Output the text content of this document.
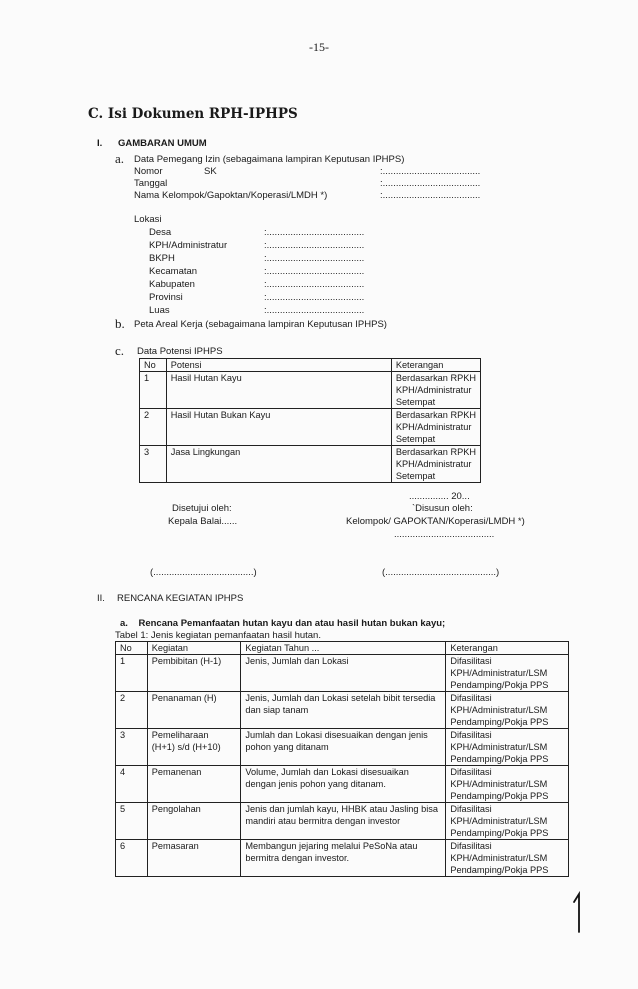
-15-
C. Isi Dokumen RPH-IPHPS
I. GAMBARAN UMUM
a. Data Pemegang Izin (sebagaimana lampiran Keputusan IPHPS)
Nomor	SK	:.....................................
Tanggal	:.....................................
Nama Kelompok/Gapoktan/Koperasi/LMDH *)	:.....................................
Lokasi
Desa	:.....................................
KPH/Administratur	:.....................................
BKPH	:.....................................
Kecamatan	:.....................................
Kabupaten	:.....................................
Provinsi	:.....................................
Luas	:.....................................
b. Peta Areal Kerja (sebagaimana lampiran Keputusan IPHPS)
c. Data Potensi IPHPS
No	Potensi	Keterangan
1	Hasil Hutan Kayu	Berdasarkan RPKH
KPH/Administratur
Setempat

2	Hasil Hutan Bukan Kayu	Berdasarkan RPKH
KPH/Administratur
Setempat

3	Jasa Lingkungan	Berdasarkan RPKH
KPH/Administratur
Setempat
............... 20...
Disetujui oleh:
Kepala Balai......
`Disusun oleh:
Kelompok/ GAPOKTAN/Koperasi/LMDH *)
......................................
(......................................)	(..........................................)
II. RENCANA KEGIATAN IPHPS
a.    Rencana Pemanfaatan hutan kayu dan atau hasil hutan bukan kayu;
Tabel 1: Jenis kegiatan pemanfaatan hasil hutan.
No	Kegiatan	Kegiatan Tahun ...	Keterangan
1	Pembibitan (H-1)	Jenis, Jumlah dan Lokasi	Difasilitasi
KPH/Administratur/LSM
Pendamping/Pokja PPS

2	Penanaman (H)	Jenis, Jumlah dan Lokasi setelah bibit tersedia
dan siap tanam	Difasilitasi
KPH/Administratur/LSM
Pendamping/Pokja PPS

3	Pemeliharaan
(H+1) s/d (H+10)	Jumlah dan Lokasi disesuaikan dengan jenis
pohon yang ditanam	Difasilitasi
KPH/Administratur/LSM
Pendamping/Pokja PPS

4	Pemanenan	Volume, Jumlah dan Lokasi disesuaikan
dengan jenis pohon yang ditanam.	Difasilitasi
KPH/Administratur/LSM
Pendamping/Pokja PPS

5	Pengolahan	Jenis dan jumlah kayu, HHBK atau Jasling bisa
mandiri atau bermitra dengan investor	Difasilitasi
KPH/Administratur/LSM
Pendamping/Pokja PPS

6	Pemasaran	Membangun jejaring melalui PeSoNa atau
bermitra dengan investor.	Difasilitasi
KPH/Administratur/LSM
Pendamping/Pokja PPS
